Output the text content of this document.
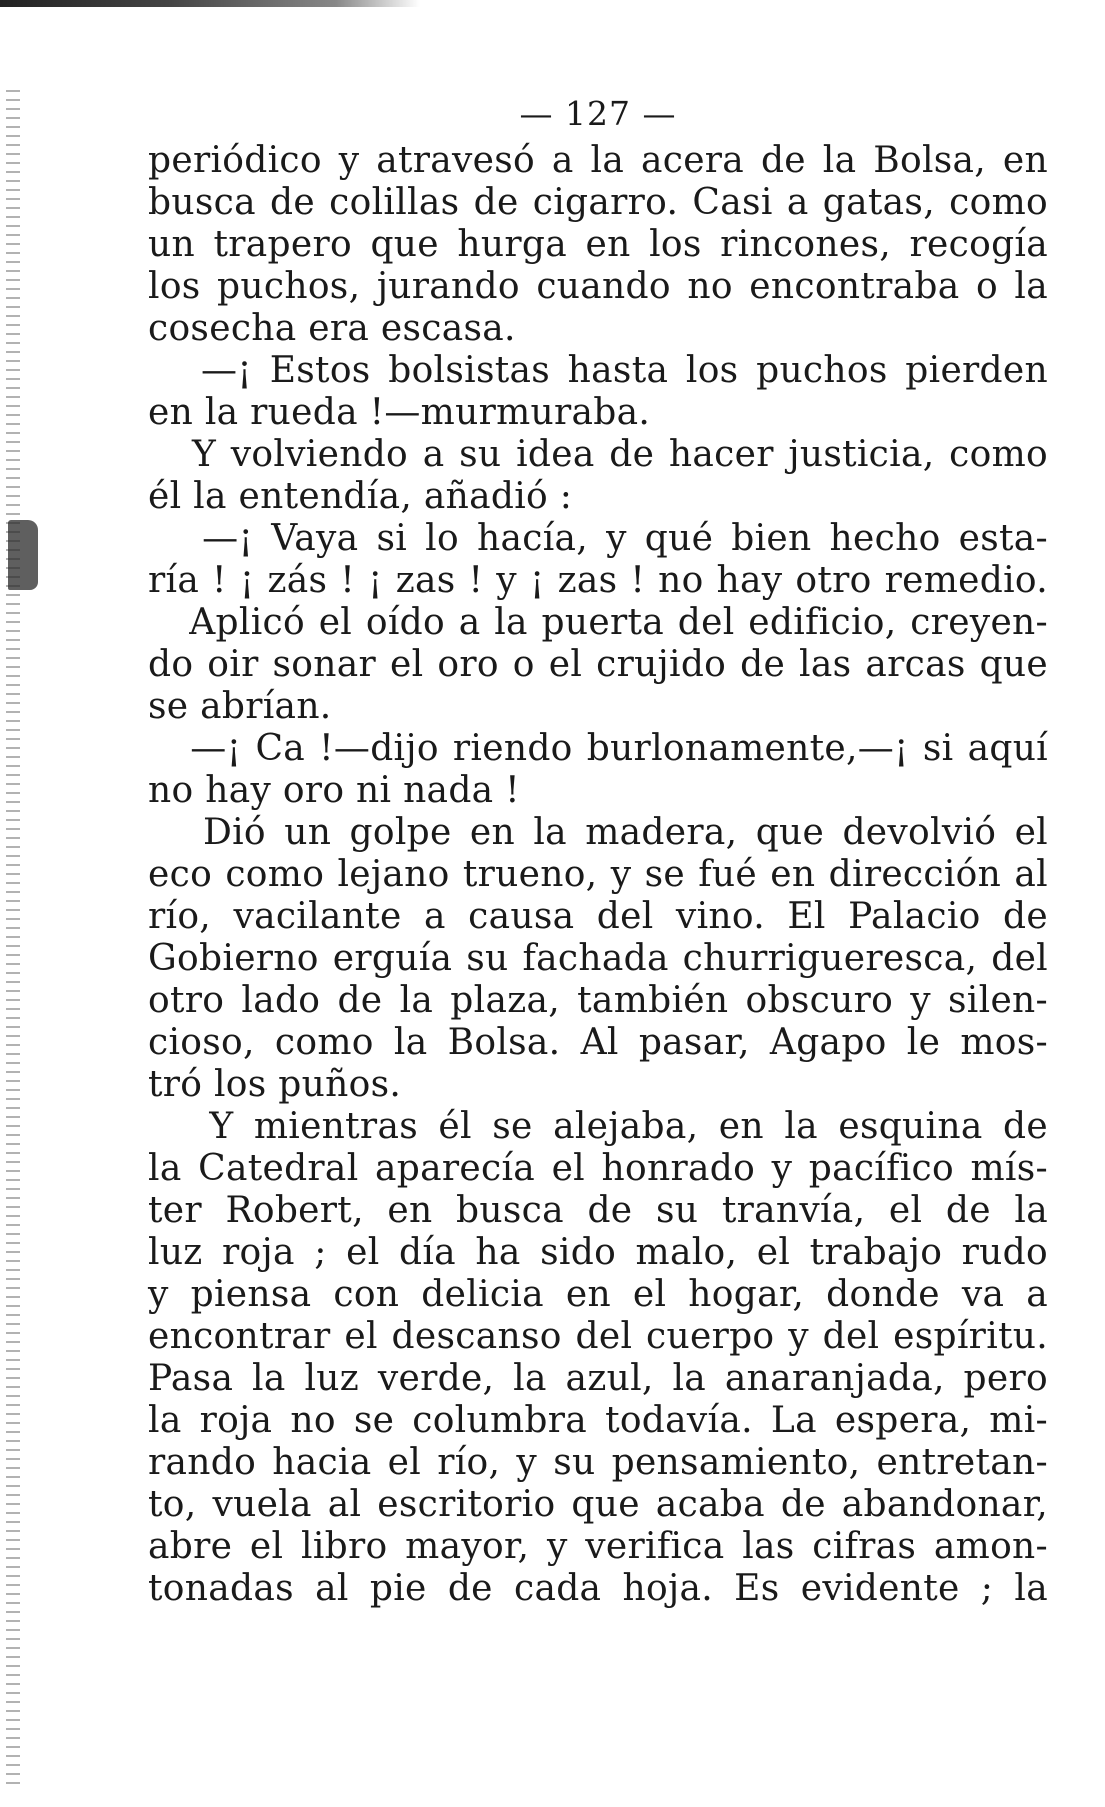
— 127 —
periódico y atravesó a la acera de la Bolsa, en
busca de colillas de cigarro. Casi a gatas, como
un trapero que hurga en los rincones, recogía
los puchos, jurando cuando no encontraba o la
cosecha era escasa.
—¡ Estos bolsistas hasta los puchos pierden
en la rueda !—murmuraba.
Y volviendo a su idea de hacer justicia, como
él la entendía, añadió :
—¡ Vaya si lo hacía, y qué bien hecho esta-
ría ! ¡ zás ! ¡ zas ! y ¡ zas ! no hay otro remedio.
Aplicó el oído a la puerta del edificio, creyen-
do oir sonar el oro o el crujido de las arcas que
se abrían.
—¡ Ca !—dijo riendo burlonamente,—¡ si aquí
no hay oro ni nada !
Dió un golpe en la madera, que devolvió el
eco como lejano trueno, y se fué en dirección al
río, vacilante a causa del vino. El Palacio de
Gobierno erguía su fachada churrigueresca, del
otro lado de la plaza, también obscuro y silen-
cioso, como la Bolsa. Al pasar, Agapo le mos-
tró los puños.
Y mientras él se alejaba, en la esquina de
la Catedral aparecía el honrado y pacífico mís-
ter Robert, en busca de su tranvía, el de la
luz roja ; el día ha sido malo, el trabajo rudo
y piensa con delicia en el hogar, donde va a
encontrar el descanso del cuerpo y del espíritu.
Pasa la luz verde, la azul, la anaranjada, pero
la roja no se columbra todavía. La espera, mi-
rando hacia el río, y su pensamiento, entretan-
to, vuela al escritorio que acaba de abandonar,
abre el libro mayor, y verifica las cifras amon-
tonadas al pie de cada hoja. Es evidente ; la
